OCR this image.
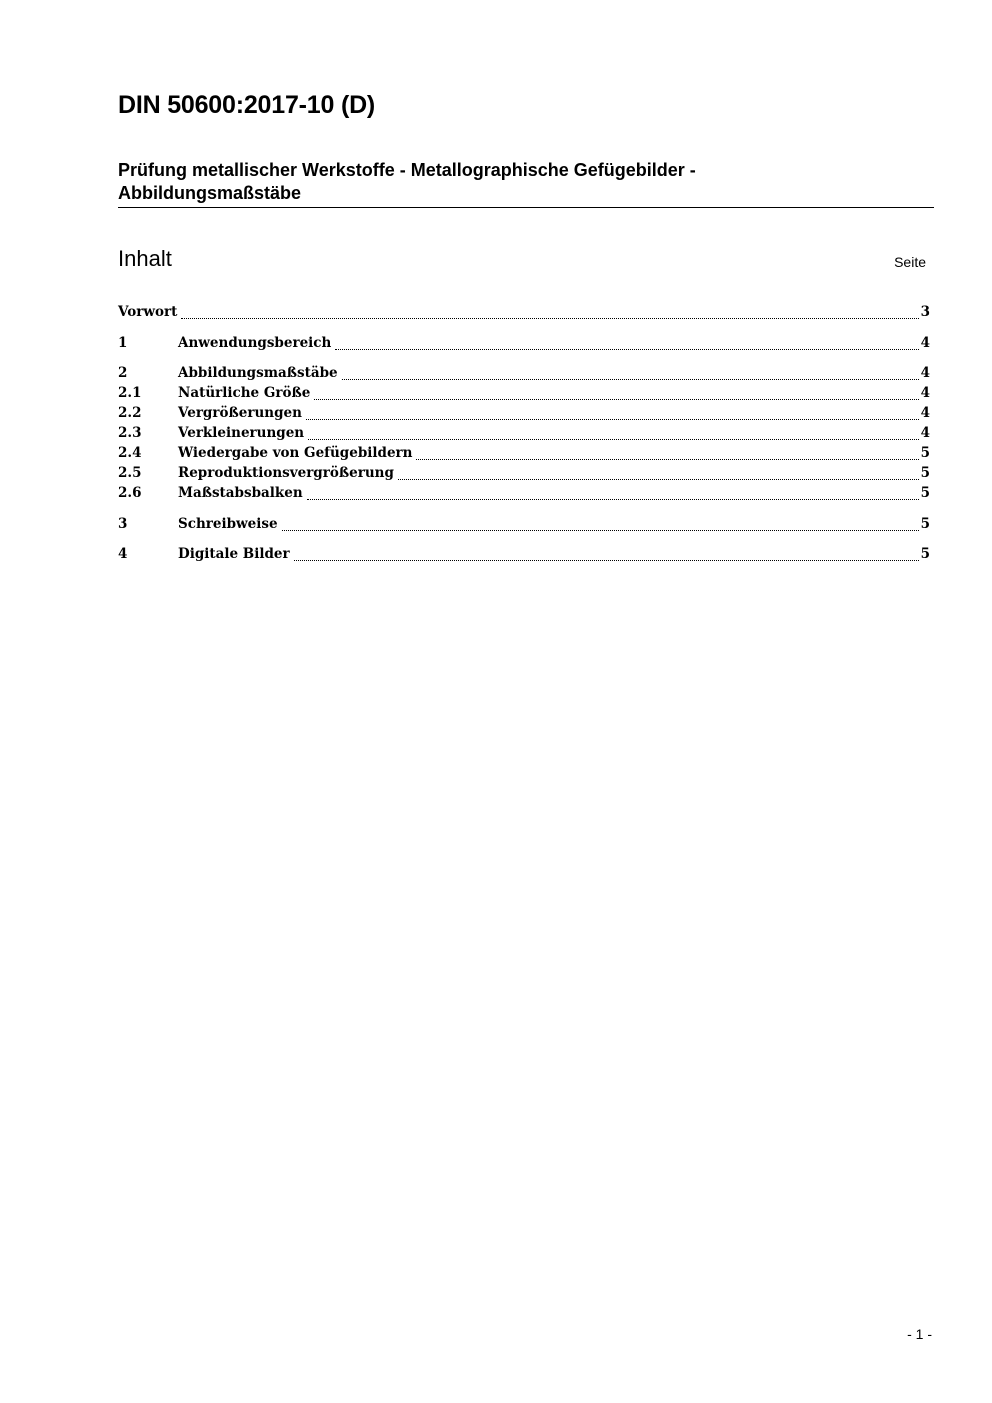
DIN 50600:2017-10 (D)
Prüfung metallischer Werkstoffe - Metallographische Gefügebilder -
Abbildungsmaßstäbe
Inhalt	Seite
Vorwort	3
1	Anwendungsbereich	4
2	Abbildungsmaßstäbe	4
2.1	Natürliche Größe	4
2.2	Vergrößerungen	4
2.3	Verkleinerungen	4
2.4	Wiedergabe von Gefügebildern	5
2.5	Reproduktionsvergrößerung	5
2.6	Maßstabsbalken	5
3	Schreibweise	5
4	Digitale Bilder	5
- 1 -
